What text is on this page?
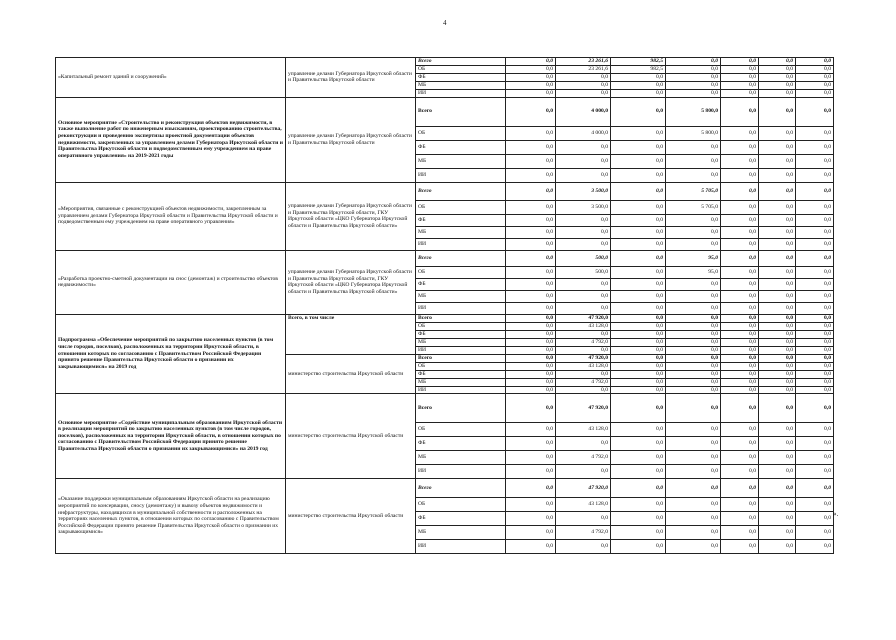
4
«Капитальный ремонт зданий и сооружений»	управление делами Губернатора Иркутской области и Правительства Иркутской области	Всего	0,0	23 261,6	982,5	0,0	0,0	0,0	0,0
		ОБ	0,0	23 261,6	982,5	0,0	0,0	0,0	0,0
		ФБ	0,0	0,0	0,0	0,0	0,0	0,0	0,0
		МБ	0,0	0,0	0,0	0,0	0,0	0,0	0,0
		ИИ	0,0	0,0	0,0	0,0	0,0	0,0	0,0
Основное мероприятие «Строительство и реконструкция объектов недвижимости, в также выполнение работ по инженерным изысканиям, проектированию строительства, реконструкции и проведению экспертизы проектной документации объектов недвижимости, закрепленных за управлением делами Губернатора Иркутской области и Правительства Иркутской области и подведомственным ему учреждением на праве оперативного управления» на 2019-2021 годы	управление делами Губернатора Иркутской области и Правительства Иркутской области	Всего	0,0	4 000,0	0,0	5 800,0	0,0	0,0	0,0
		ОБ	0,0	4 000,0	0,0	5 800,0	0,0	0,0	0,0
		ФБ	0,0	0,0	0,0	0,0	0,0	0,0	0,0
		МБ	0,0	0,0	0,0	0,0	0,0	0,0	0,0
		ИИ	0,0	0,0	0,0	0,0	0,0	0,0	0,0
«Мероприятия, связанные с реконструкцией объектов недвижимости, закрепленным за управлением делами Губернатора Иркутской области и Правительства Иркутской области и подведомственным ему учреждением на праве оперативного управления»	управление делами Губернатора Иркутской области и Правительства Иркутской области, ГКУ Иркутской области «ЦКО Губернатора Иркутской области и Правительства Иркутской области»	Всего	0,0	3 500,0	0,0	5 705,0	0,0	0,0	0,0
		ОБ	0,0	3 500,0	0,0	5 705,0	0,0	0,0	0,0
		ФБ	0,0	0,0	0,0	0,0	0,0	0,0	0,0
		МБ	0,0	0,0	0,0	0,0	0,0	0,0	0,0
		ИИ	0,0	0,0	0,0	0,0	0,0	0,0	0,0
«Разработка проектно-сметной документации на снос (демонтаж) и строительство объектов недвижимости»	управление делами Губернатора Иркутской области и Правительства Иркутской области, ГКУ Иркутской области «ЦКО Губернатора Иркутской области и Правительства Иркутской области»	Всего	0,0	500,0	0,0	95,0	0,0	0,0	0,0
		ОБ	0,0	500,0	0,0	95,0	0,0	0,0	0,0
		ФБ	0,0	0,0	0,0	0,0	0,0	0,0	0,0
		МБ	0,0	0,0	0,0	0,0	0,0	0,0	0,0
		ИИ	0,0	0,0	0,0	0,0	0,0	0,0	0,0
Подпрограмма «Обеспечение мероприятий по закрытию населенных пунктов (в том числе городов, поселков), расположенных на территории Иркутской области, в отношении которых по согласованию с Правительством Российской Федерации принято решение Правительства Иркутской области о признании их закрывающимися» на 2019 год	Всего, в том числе	Всего	0,0	47 920,0	0,0	0,0	0,0	0,0	0,0
		ОБ	0,0	43 128,0	0,0	0,0	0,0	0,0	0,0
		ФБ	0,0	0,0	0,0	0,0	0,0	0,0	0,0
		МБ	0,0	4 792,0	0,0	0,0	0,0	0,0	0,0
		ИИ	0,0	0,0	0,0	0,0	0,0	0,0	0,0
	министерство строительства Иркутской области	Всего	0,0	47 920,0	0,0	0,0	0,0	0,0	0,0
		ОБ	0,0	43 128,0	0,0	0,0	0,0	0,0	0,0
		ФБ	0,0	0,0	0,0	0,0	0,0	0,0	0,0
		МБ	0,0	4 792,0	0,0	0,0	0,0	0,0	0,0
		ИИ	0,0	0,0	0,0	0,0	0,0	0,0	0,0
Основное мероприятие «Содействие муниципальным образованиям Иркутской области в реализации мероприятий по закрытию населенных пунктов (в том числе городов, поселков), расположенных на территории Иркутской области, в отношении которых по согласованию с Правительством Российской Федерации принято решение Правительства Иркутской области о признании их закрывающимися» на 2019 год	министерство строительства Иркутской области	Всего	0,0	47 920,0	0,0	0,0	0,0	0,0	0,0
		ОБ	0,0	43 128,0	0,0	0,0	0,0	0,0	0,0
		ФБ	0,0	0,0	0,0	0,0	0,0	0,0	0,0
		МБ	0,0	4 792,0	0,0	0,0	0,0	0,0	0,0
		ИИ	0,0	0,0	0,0	0,0	0,0	0,0	0,0
«Оказание поддержки муниципальным образованиям Иркутской области на реализацию мероприятий по консервации, сносу (демонтажу) и вывозу объектов недвижимости и инфраструктуры, находящихся в муниципальной собственности и расположенных на территориях населенных пунктов, в отношении которых по согласованию с Правительством Российской Федерации принято решение Правительства Иркутской области о признании их закрывающимися»	министерство строительства Иркутской области	Всего	0,0	47 920,0	0,0	0,0	0,0	0,0	0,0
		ОБ	0,0	43 128,0	0,0	0,0	0,0	0,0	0,0
		ФБ	0,0	0,0	0,0	0,0	0,0	0,0	0,0
		МБ	0,0	4 792,0	0,0	0,0	0,0	0,0	0,0
		ИИ	0,0	0,0	0,0	0,0	0,0	0,0	0,0
».
